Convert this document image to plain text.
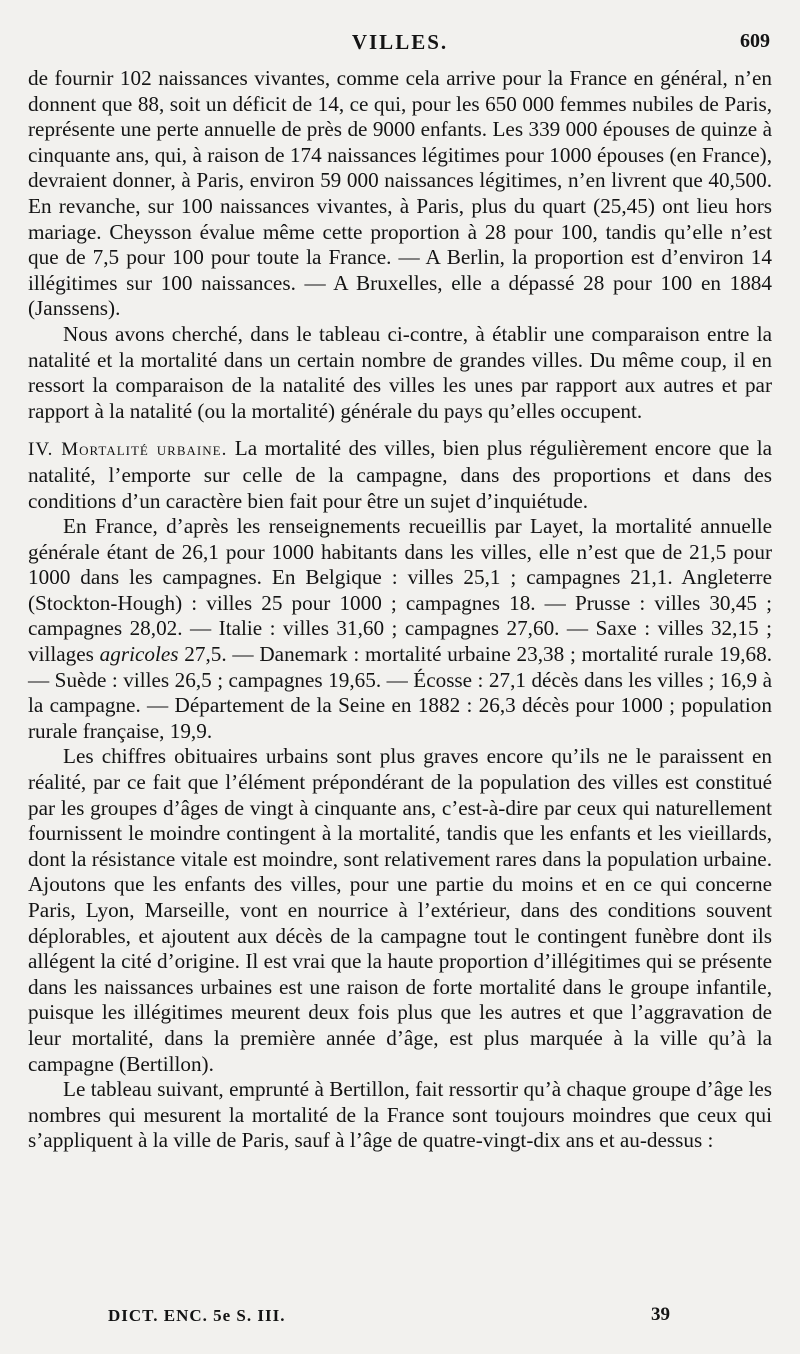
VILLES.	609

de fournir 102 naissances vivantes, comme cela arrive pour la France en général, n’en donnent que 88, soit un déficit de 14, ce qui, pour les 650 000 femmes nubiles de Paris, représente une perte annuelle de près de 9000 enfants. Les 339 000 épouses de quinze à cinquante ans, qui, à raison de 174 naissances légitimes pour 1000 épouses (en France), devraient donner, à Paris, environ 59 000 naissances légitimes, n’en livrent que 40,500. En revanche, sur 100 naissances vivantes, à Paris, plus du quart (25,45) ont lieu hors mariage. Cheysson évalue même cette proportion à 28 pour 100, tandis qu’elle n’est que de 7,5 pour 100 pour toute la France. — A Berlin, la proportion est d’environ 14 illégitimes sur 100 naissances. — A Bruxelles, elle a dépassé 28 pour 100 en 1884 (Janssens).

Nous avons cherché, dans le tableau ci-contre, à établir une comparaison entre la natalité et la mortalité dans un certain nombre de grandes villes. Du même coup, il en ressort la comparaison de la natalité des villes les unes par rapport aux autres et par rapport à la natalité (ou la mortalité) générale du pays qu’elles occupent.

IV. Mortalité urbaine. La mortalité des villes, bien plus régulièrement encore que la natalité, l’emporte sur celle de la campagne, dans des proportions et dans des conditions d’un caractère bien fait pour être un sujet d’inquiétude.

En France, d’après les renseignements recueillis par Layet, la mortalité annuelle générale étant de 26,1 pour 1000 habitants dans les villes, elle n’est que de 21,5 pour 1000 dans les campagnes. En Belgique : villes 25,1 ; campagnes 21,1. Angleterre (Stockton-Hough) : villes 25 pour 1000 ; campagnes 18. — Prusse : villes 30,45 ; campagnes 28,02. — Italie : villes 31,60 ; campagnes 27,60. — Saxe : villes 32,15 ; villages agricoles 27,5. — Danemark : mortalité urbaine 23,38 ; mortalité rurale 19,68. — Suède : villes 26,5 ; campagnes 19,65. — Écosse : 27,1 décès dans les villes ; 16,9 à la campagne. — Département de la Seine en 1882 : 26,3 décès pour 1000 ; population rurale française, 19,9.

Les chiffres obituaires urbains sont plus graves encore qu’ils ne le paraissent en réalité, par ce fait que l’élément prépondérant de la population des villes est constitué par les groupes d’âges de vingt à cinquante ans, c’est-à-dire par ceux qui naturellement fournissent le moindre contingent à la mortalité, tandis que les enfants et les vieillards, dont la résistance vitale est moindre, sont relativement rares dans la population urbaine. Ajoutons que les enfants des villes, pour une partie du moins et en ce qui concerne Paris, Lyon, Marseille, vont en nourrice à l’extérieur, dans des conditions souvent déplorables, et ajoutent aux décès de la campagne tout le contingent funèbre dont ils allégent la cité d’origine. Il est vrai que la haute proportion d’illégitimes qui se présente dans les naissances urbaines est une raison de forte mortalité dans le groupe infantile, puisque les illégitimes meurent deux fois plus que les autres et que l’aggravation de leur mortalité, dans la première année d’âge, est plus marquée à la ville qu’à la campagne (Bertillon).

Le tableau suivant, emprunté à Bertillon, fait ressortir qu’à chaque groupe d’âge les nombres qui mesurent la mortalité de la France sont toujours moindres que ceux qui s’appliquent à la ville de Paris, sauf à l’âge de quatre-vingt-dix ans et au-dessus :

DICT. ENC. 5e S. III.	39
